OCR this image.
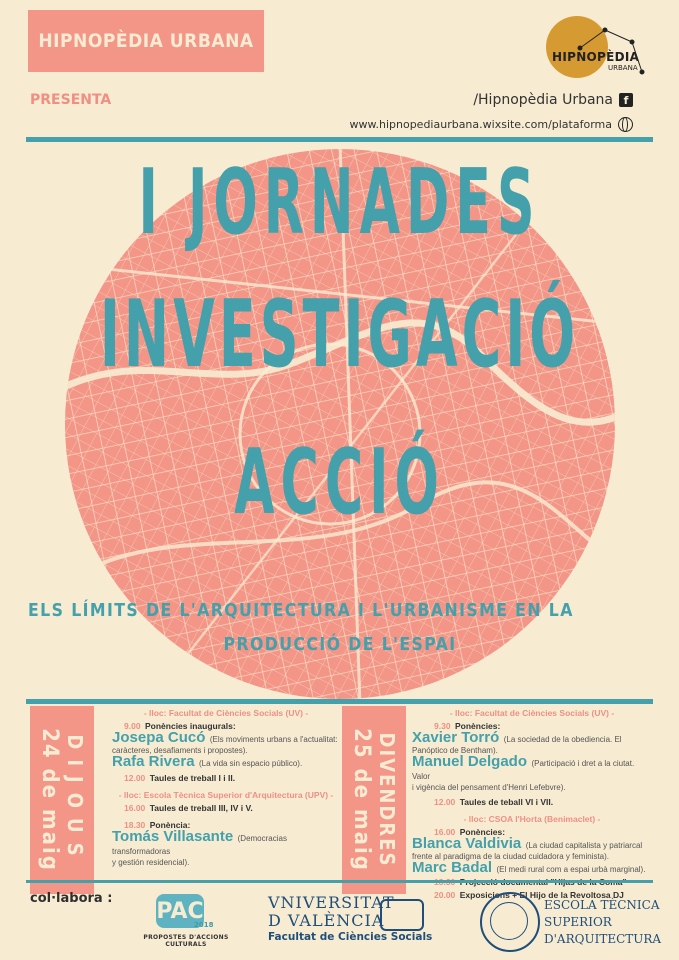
HIPNOPÈDIA URBANA
PRESENTA
HIPNOPÈDIA
URBANA
/Hipnopèdia Urbana f
www.hipnopediaurbana.wixsite.com/plataforma
I JORNADES
INVESTIGACIÓ
ACCIÓ
ELS LÍMITS DE L'ARQUITECTURA I L'URBANISME EN LA
PRODUCCIÓ DE L'ESPAI
DIJOUS
24 de maig
- lloc: Facultat de Ciències Socials (UV) -
9.00 Ponències inaugurals:
Josepa Cucó (Els moviments urbans a l'actualitat:
caràcteres, desafiaments i propostes).
Rafa Rivera (La vida sin espacio público).
12.00 Taules de treball I i II.
- lloc: Escola Tècnica Superior d'Arquitectura (UPV) -
16.00 Taules de treball III, IV i V.
18.30 Ponència:
Tomás Villasante (Democracias transformadoras
y gestión residencial).	DIVENDRES
25 de maig
- lloc: Facultat de Ciències Socials (UV) -
9.30 Ponències:
Xavier Torró (La sociedad de la obediencia. El
Panóptico de Bentham).
Manuel Delgado (Participació i dret a la ciutat. Valor
i vigència del pensament d'Henri Lefebvre).
12.00 Taules de teball VI i VII.
- lloc: CSOA l'Horta (Benimaclet) -
16.00 Ponències:
Blanca Valdivia (La ciudad capitalista y patriarcal
frente al paradigma de la ciudad cuidadora y feminista).
Marc Badal (El medi rural com a espai urbà marginal).
20.00 Exposicions + El Hijo de la Revoltosa DJ
col·labora : PAC
2018
PROPOSTES D'ACCIONS CULTURALS
VNIVERSITAT
D VALÈNCIA
Facultat de Ciències Socials
ESCOLA TÈCNICA
SUPERIOR
D'ARQUITECTURA
